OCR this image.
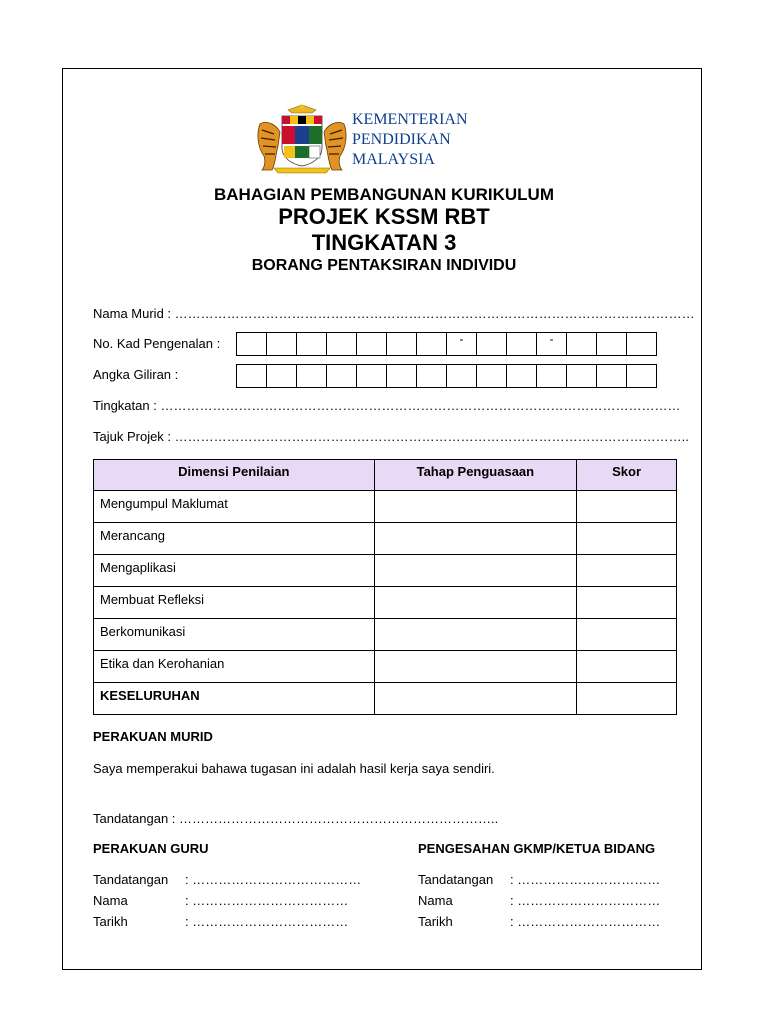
KEMENTERIAN
PENDIDIKAN
MALAYSIA
BAHAGIAN PEMBANGUNAN KURIKULUM
PROJEK KSSM RBT
TINGKATAN 3
BORANG PENTAKSIRAN INDIVIDU
Nama Murid : …………………………………………………………………………………………………………
No. Kad Pengenalan :	-	-
Angka Giliran :
Tingkatan : …………………………………………………………………………………………………………
Tajuk Projek : ………………………………………………………………………………………………………..
Dimensi Penilaian	Tahap Penguasaan	Skor
Mengumpul Maklumat		
Merancang		
Mengaplikasi		
Membuat Refleksi		
Berkomunikasi		
Etika dan Kerohanian		
KESELURUHAN		
PERAKUAN MURID
Saya memperakui bahawa tugasan ini adalah hasil kerja saya sendiri.
Tandatangan : ………………………………………………………………..
PERAKUAN GURU
Tandatangan : …………………………………
Nama	: ………………………………
Tarikh	: ………………………………
PENGESAHAN GKMP/KETUA BIDANG
Tandatangan : ……………………………
Nama	: ……………………………
Tarikh	: ……………………………
